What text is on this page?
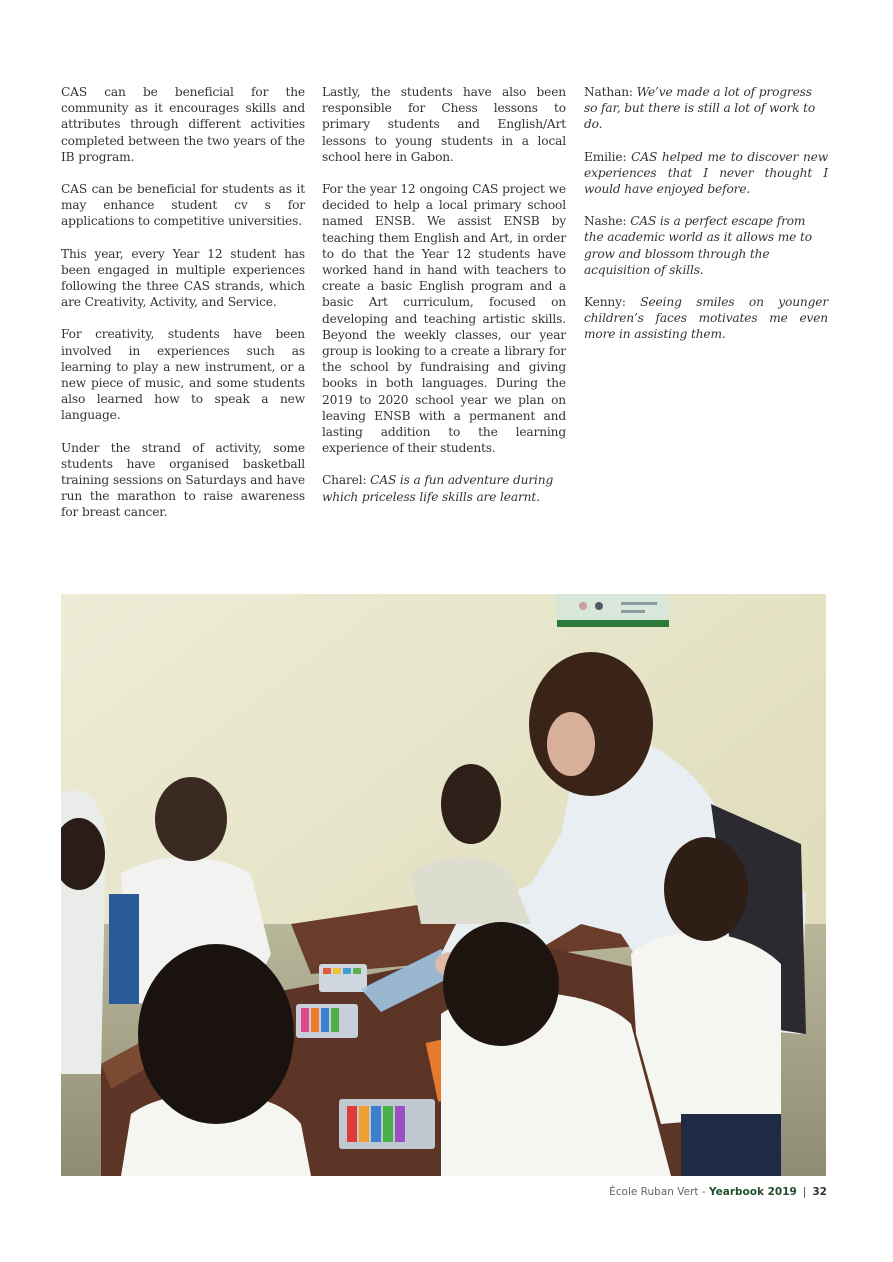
CAS can be beneficial for the community as it encourages skills and attributes through different activities completed between the two years of the IB program.

CAS can be beneficial for students as it may enhance student cv s for applications to competitive universities.

This year, every Year 12 student has been engaged in multiple experiences following the three CAS strands, which are Creativity, Activity, and Service.

For creativity, students have been involved in experiences such as learning to play a new instrument, or a new piece of music, and some students also learned how to speak a new language.

Under the strand of activity, some students have organised basketball training sessions on Saturdays and have run the marathon to raise awareness for breast cancer.

Lastly, the students have also been responsible for Chess lessons to primary students and English/Art lessons to young students in a local school here in Gabon.

For the year 12 ongoing CAS project we decided to help a local primary school named ENSB. We assist ENSB by teaching them English and Art, in order to do that the Year 12 students have worked hand in hand with teachers to create a basic English program and a basic Art curriculum, focused on developing and teaching artistic skills. Beyond the weekly classes, our year group is looking to a create a library for the school by fundraising and giving books in both languages. During the 2019 to 2020 school year we plan on leaving ENSB with a permanent and lasting addition to the learning experience of their students.

Charel: CAS is a fun adventure during which priceless life skills are learnt.

Nathan: We’ve made a lot of progress so far, but there is still a lot of work to do.

Emilie: CAS helped me to discover new experiences that I never thought I would have enjoyed before.

Nashe: CAS is a perfect escape from the academic world as it allows me to grow and blossom through the acquisition of skills.

Kenny: Seeing smiles on younger children’s faces motivates me even more in assisting them.

École Ruban Vert - Yearbook 2019 | 32
